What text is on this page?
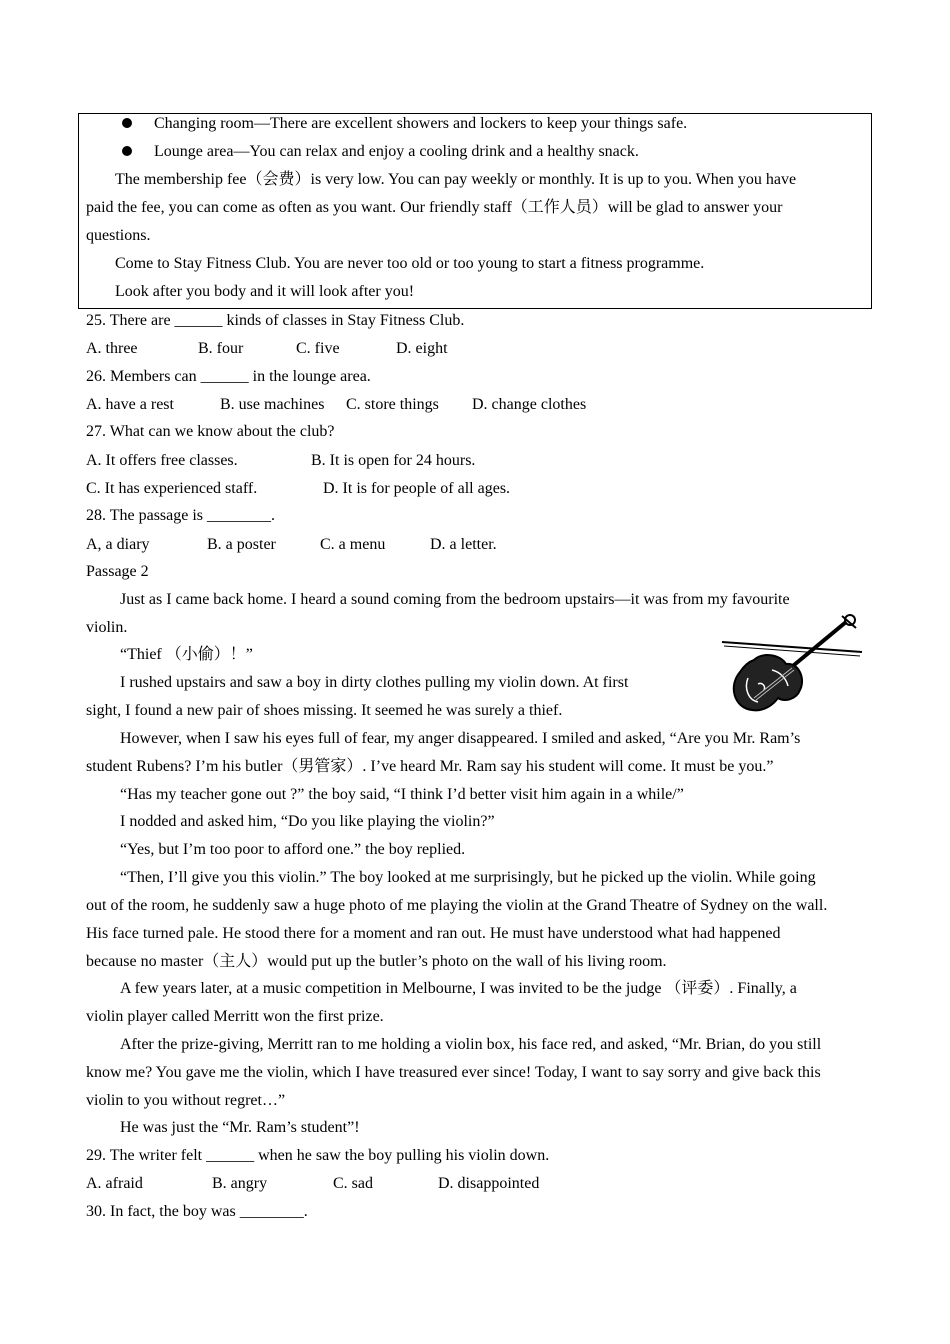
Changing room—There are excellent showers and lockers to keep your things safe.
Lounge area—You can relax and enjoy a cooling drink and a healthy snack.
The membership fee（会费）is very low. You can pay weekly or monthly. It is up to you. When you have
paid the fee, you can come as often as you want. Our friendly staff（工作人员）will be glad to answer your
questions.
Come to Stay Fitness Club. You are never too old or too young to start a fitness programme.
Look after you body and it will look after you!
25. There are ______ kinds of classes in Stay Fitness Club.
A. three	B. four	C. five	D. eight
26. Members can ______ in the lounge area.
A. have a rest	B. use machines C. store things D. change clothes
27. What can we know about the club?
A. It offers free classes.	B. It is open for 24 hours.
C. It has experienced staff.	D. It is for people of all ages.
28. The passage is ________.
A, a diary	B. a poster	C. a menu	D. a letter.
Passage 2
Just as I came back home. I heard a sound coming from the bedroom upstairs—it was from my favourite
violin.
“Thief （小偷）！”
I rushed upstairs and saw a boy in dirty clothes pulling my violin down. At first
sight, I found a new pair of shoes missing. It seemed he was surely a thief.
However, when I saw his eyes full of fear, my anger disappeared. I smiled and asked, “Are you Mr. Ram’s
student Rubens? I’m his butler（男管家）. I’ve heard Mr. Ram say his student will come. It must be you.”
“Has my teacher gone out ?” the boy said, “I think I’d better visit him again in a while/”
I nodded and asked him, “Do you like playing the violin?”
“Yes, but I’m too poor to afford one.” the boy replied.
“Then, I’ll give you this violin.” The boy looked at me surprisingly, but he picked up the violin. While going
out of the room, he suddenly saw a huge photo of me playing the violin at the Grand Theatre of Sydney on the wall.
His face turned pale. He stood there for a moment and ran out. He must have understood what had happened
because no master（主人）would put up the butler’s photo on the wall of his living room.
A few years later, at a music competition in Melbourne, I was invited to be the judge （评委）. Finally, a
violin player called Merritt won the first prize.
After the prize-giving, Merritt ran to me holding a violin box, his face red, and asked, “Mr. Brian, do you still
know me? You gave me the violin, which I have treasured ever since! Today, I want to say sorry and give back this
violin to you without regret…”
He was just the “Mr. Ram’s student”!
29. The writer felt ______ when he saw the boy pulling his violin down.
A. afraid	B. angry	C. sad	D. disappointed
30. In fact, the boy was ________.
